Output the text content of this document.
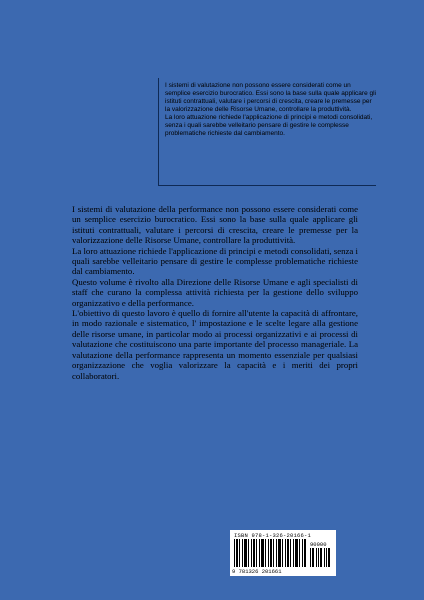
I sistemi di valutazione non possono essere considerati come un semplice esercizio burocratico. Essi sono la base sulla quale applicare gli istituti contrattuali, valutare i percorsi di crescita, creare le premesse per la valorizzazione delle Risorse Umane, controllare la produttività.

La loro attuazione richiede l'applicazione di principi e metodi consolidati, senza i quali sarebbe velleitario pensare di gestire le complesse problematiche richieste dal cambiamento.

I sistemi di valutazione della performance non possono essere considerati come un semplice esercizio burocratico. Essi sono la base sulla quale applicare gli istituti contrattuali, valutare i percorsi di crescita, creare le premesse per la valorizzazione delle Risorse Umane, controllare la produttività.

La loro attuazione richiede l'applicazione di principi e metodi consolidati, senza i quali sarebbe velleitario pensare di gestire le complesse problematiche richieste dal cambiamento.

Questo volume è rivolto alla Direzione delle Risorse Umane e agli specialisti di staff che curano la complessa attività richiesta per la gestione dello sviluppo organizzativo e della performance.

L'obiettivo di questo lavoro è quello di fornire all'utente la capacità di affrontare, in modo razionale e sistematico, l' impostazione e le scelte legare alla gestione delle risorse umane, in particolar modo ai processi organizzativi e ai processi di valutazione che costituiscono una parte importante del processo manageriale. La valutazione della performance rappresenta un momento essenziale per qualsiasi organizzazione che voglia valorizzare la capacità e i meriti dei propri collaboratori.

ISBN 978-1-326-20166-1
90000
9 781326 201661
